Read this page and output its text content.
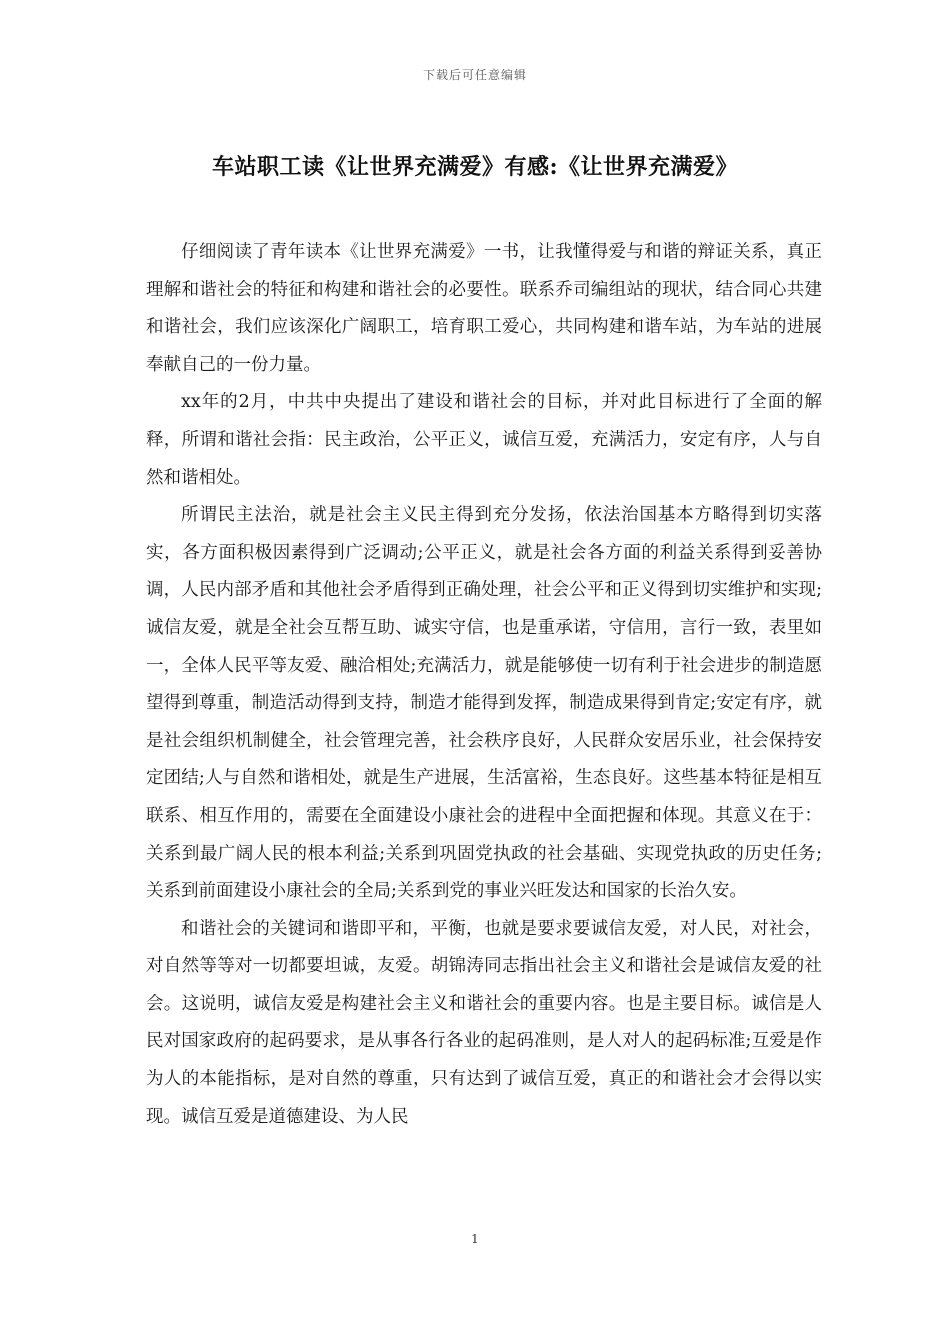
下载后可任意编辑
车站职工读《让世界充满爱》有感:《让世界充满爱》

仔细阅读了青年读本《让世界充满爱》一书，让我懂得爱与和谐的辩证关系，真正理解和谐社会的特征和构建和谐社会的必要性。联系乔司编组站的现状，结合同心共建和谐社会，我们应该深化广阔职工，培育职工爱心，共同构建和谐车站，为车站的进展奉献自己的一份力量。

xx年的2月，中共中央提出了建设和谐社会的目标，并对此目标进行了全面的解释，所谓和谐社会指：民主政治，公平正义，诚信互爱，充满活力，安定有序，人与自然和谐相处。

所谓民主法治，就是社会主义民主得到充分发扬，依法治国基本方略得到切实落实，各方面积极因素得到广泛调动;公平正义，就是社会各方面的利益关系得到妥善协调，人民内部矛盾和其他社会矛盾得到正确处理，社会公平和正义得到切实维护和实现;诚信友爱，就是全社会互帮互助、诚实守信，也是重承诺，守信用，言行一致，表里如一，全体人民平等友爱、融洽相处;充满活力，就是能够使一切有利于社会进步的制造愿望得到尊重，制造活动得到支持，制造才能得到发挥，制造成果得到肯定;安定有序，就是社会组织机制健全，社会管理完善，社会秩序良好，人民群众安居乐业，社会保持安定团结;人与自然和谐相处，就是生产进展，生活富裕，生态良好。这些基本特征是相互联系、相互作用的，需要在全面建设小康社会的进程中全面把握和体现。其意义在于：关系到最广阔人民的根本利益;关系到巩固党执政的社会基础、实现党执政的历史任务;关系到前面建设小康社会的全局;关系到党的事业兴旺发达和国家的长治久安。

和谐社会的关键词和谐即平和，平衡，也就是要求要诚信友爱，对人民，对社会，对自然等等对一切都要坦诚，友爱。胡锦涛同志指出社会主义和谐社会是诚信友爱的社会。这说明，诚信友爱是构建社会主义和谐社会的重要内容。也是主要目标。诚信是人民对国家政府的起码要求，是从事各行各业的起码准则，是人对人的起码标准;互爱是作为人的本能指标，是对自然的尊重，只有达到了诚信互爱，真正的和谐社会才会得以实现。诚信互爱是道德建设、为人民

1
